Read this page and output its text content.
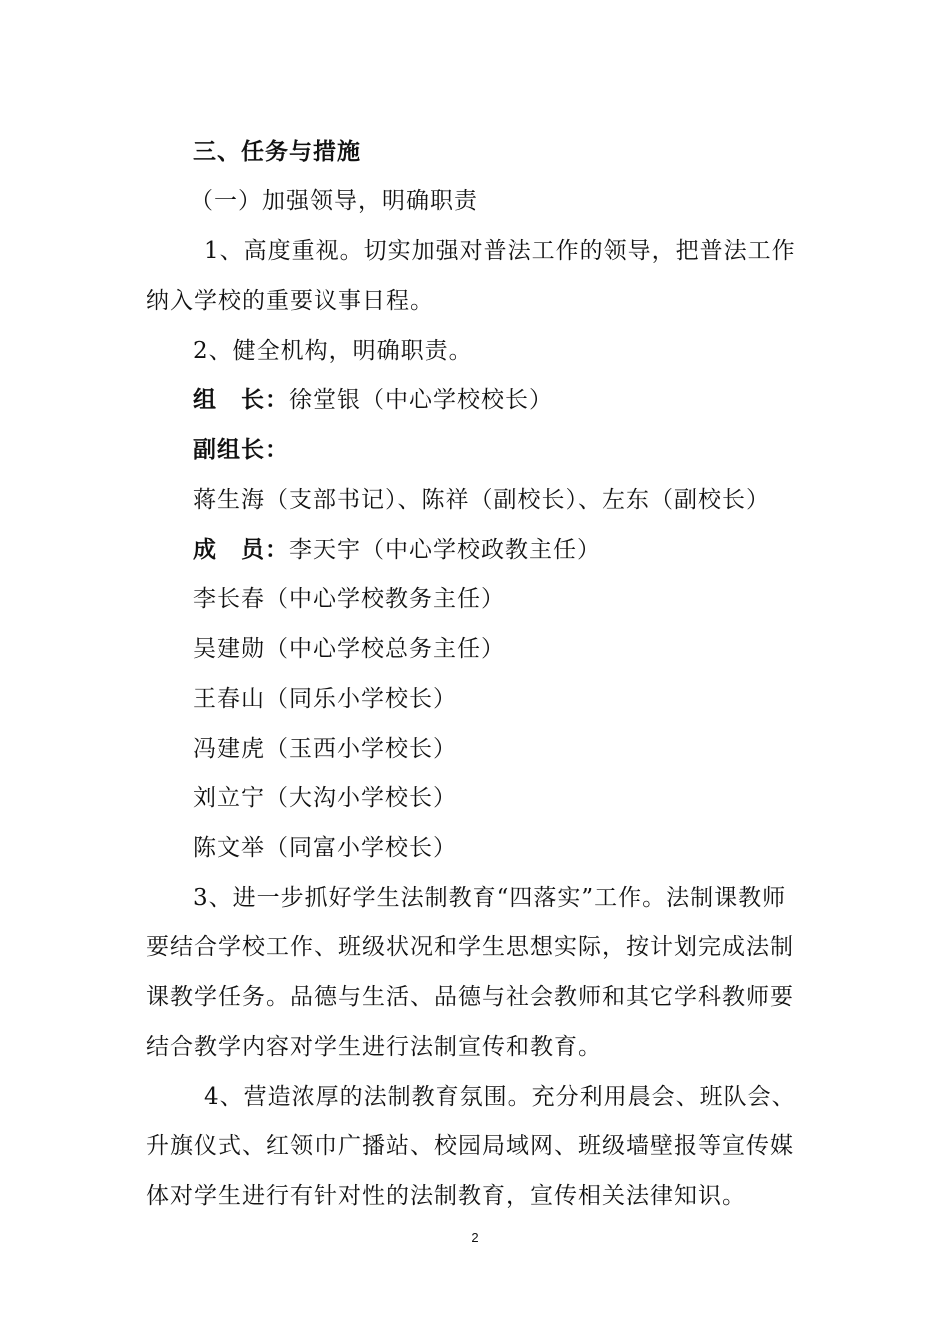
三、任务与措施
（一）加强领导，明确职责
1、高度重视。切实加强对普法工作的领导，把普法工作
纳入学校的重要议事日程。
2、健全机构，明确职责。
组　长：徐堂银（中心学校校长）
副组长：
蒋生海（支部书记）、陈祥（副校长）、左东（副校长）
成　员：李天宇（中心学校政教主任）
李长春（中心学校教务主任）
吴建勋（中心学校总务主任）
王春山（同乐小学校长）
冯建虎（玉西小学校长）
刘立宁（大沟小学校长）
陈文举（同富小学校长）
3、进一步抓好学生法制教育“四落实”工作。法制课教师
要结合学校工作、班级状况和学生思想实际，按计划完成法制
课教学任务。品德与生活、品德与社会教师和其它学科教师要
结合教学内容对学生进行法制宣传和教育。
4、营造浓厚的法制教育氛围。充分利用晨会、班队会、
升旗仪式、红领巾广播站、校园局域网、班级墙壁报等宣传媒
体对学生进行有针对性的法制教育，宣传相关法律知识。
2
